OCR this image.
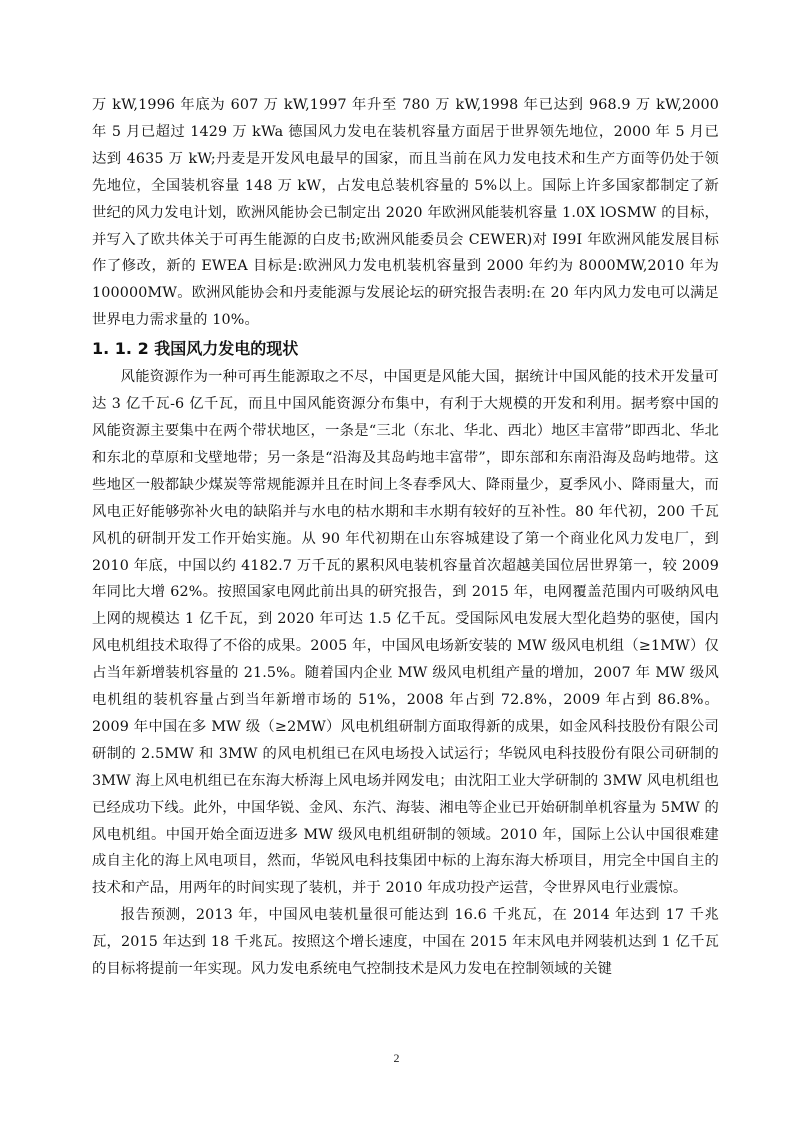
万 kW,1996 年底为 607 万 kW,1997 年升至 780 万 kW,1998 年已达到 968.9 万 kW,2000 年 5 月已超过 1429 万 kWa 德国风力发电在装机容量方面居于世界领先地位，2000 年 5 月已达到 4635 万 kW;丹麦是开发风电最早的国家，而且当前在风力发电技术和生产方面等仍处于领先地位，全国装机容量 148 万 kW，占发电总装机容量的 5%以上。国际上许多国家都制定了新世纪的风力发电计划，欧洲风能协会已制定出 2020 年欧洲风能装机容量 1.0X lOSMW 的目标，并写入了欧共体关于可再生能源的白皮书;欧洲风能委员会 CEWER)对 I99I 年欧洲风能发展目标作了修改，新的 EWEA 目标是:欧洲风力发电机装机容量到 2000 年约为 8000MW,2010 年为 100000MW。欧洲风能协会和丹麦能源与发展论坛的研究报告表明:在 20 年内风力发电可以满足世界电力需求量的 10%。

1. 1. 2 我国风力发电的现状

风能资源作为一种可再生能源取之不尽，中国更是风能大国，据统计中国风能的技术开发量可达 3 亿千瓦-6 亿千瓦，而且中国风能资源分布集中，有利于大规模的开发和利用。据考察中国的风能资源主要集中在两个带状地区，一条是“三北（东北、华北、西北）地区丰富带”即西北、华北和东北的草原和戈壁地带；另一条是“沿海及其岛屿地丰富带”，即东部和东南沿海及岛屿地带。这些地区一般都缺少煤炭等常规能源并且在时间上冬春季风大、降雨量少，夏季风小、降雨量大，而风电正好能够弥补火电的缺陷并与水电的枯水期和丰水期有较好的互补性。80 年代初，200 千瓦风机的研制开发工作开始实施。从 90 年代初期在山东容城建设了第一个商业化风力发电厂，到 2010 年底，中国以约 4182.7 万千瓦的累积风电装机容量首次超越美国位居世界第一，较 2009 年同比大增 62%。按照国家电网此前出具的研究报告，到 2015 年，电网覆盖范围内可吸纳风电上网的规模达 1 亿千瓦，到 2020 年可达 1.5 亿千瓦。受国际风电发展大型化趋势的驱使，国内风电机组技术取得了不俗的成果。2005 年，中国风电场新安装的 MW 级风电机组（≥1MW）仅占当年新增装机容量的 21.5%。随着国内企业 MW 级风电机组产量的增加，2007 年 MW 级风电机组的装机容量占到当年新增市场的 51%，2008 年占到 72.8%，2009 年占到 86.8%。2009 年中国在多 MW 级（≥2MW）风电机组研制方面取得新的成果，如金风科技股份有限公司研制的 2.5MW 和 3MW 的风电机组已在风电场投入试运行；华锐风电科技股份有限公司研制的 3MW 海上风电机组已在东海大桥海上风电场并网发电；由沈阳工业大学研制的 3MW 风电机组也已经成功下线。此外，中国华锐、金风、东汽、海装、湘电等企业已开始研制单机容量为 5MW 的风电机组。中国开始全面迈进多 MW 级风电机组研制的领域。2010 年，国际上公认中国很难建成自主化的海上风电项目，然而，华锐风电科技集团中标的上海东海大桥项目，用完全中国自主的技术和产品，用两年的时间实现了装机，并于 2010 年成功投产运营，令世界风电行业震惊。

报告预测，2013 年，中国风电装机量很可能达到 16.6 千兆瓦，在 2014 年达到 17 千兆瓦，2015 年达到 18 千兆瓦。按照这个增长速度，中国在 2015 年末风电并网装机达到 1 亿千瓦的目标将提前一年实现。风力发电系统电气控制技术是风力发电在控制领域的关键

2
